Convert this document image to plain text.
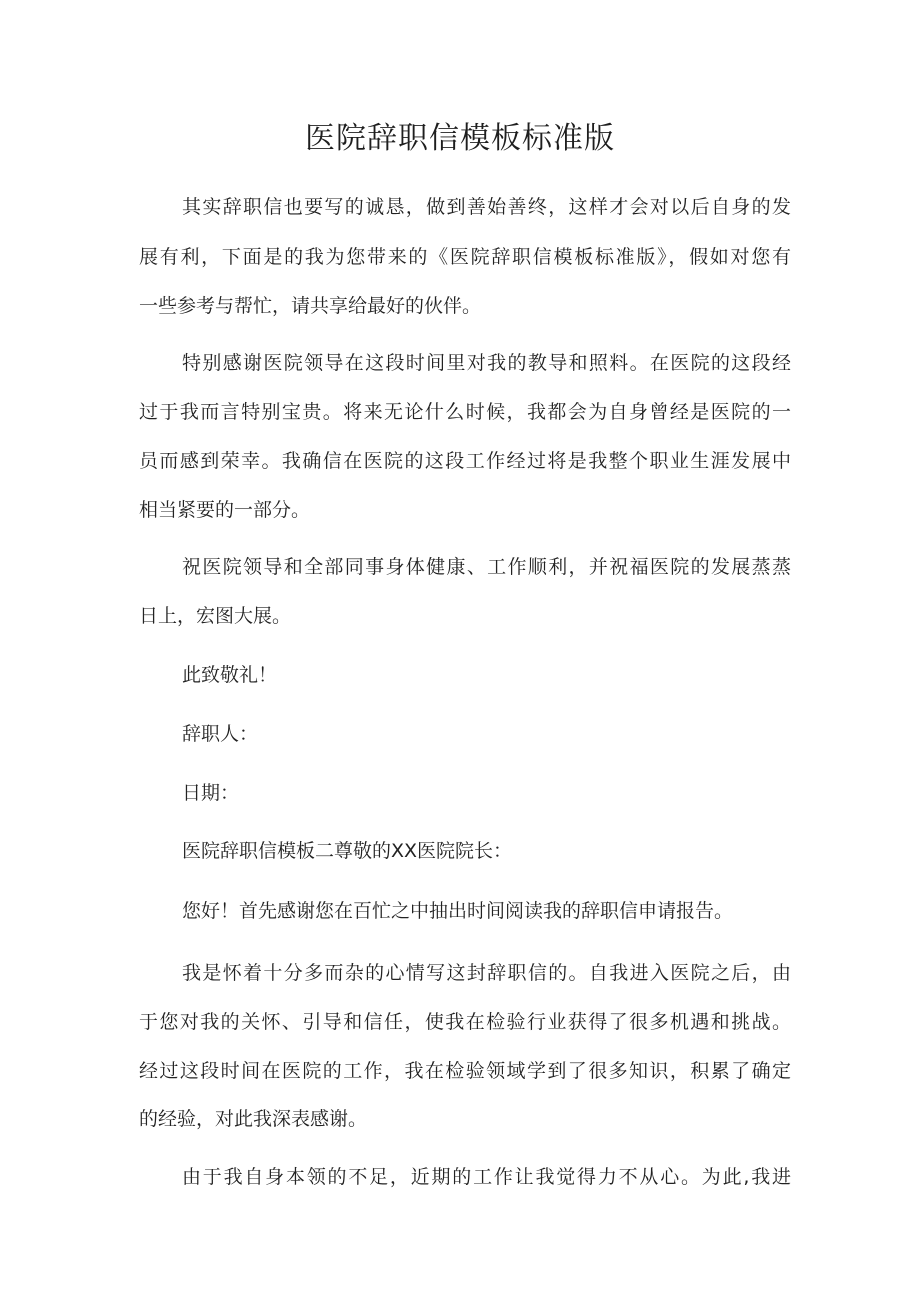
医院辞职信模板标准版
其实辞职信也要写的诚恳，做到善始善终，这样才会对以后自身的发
展有利，下面是的我为您带来的《医院辞职信模板标准版》，假如对您有
一些参考与帮忙，请共享给最好的伙伴。
特别感谢医院领导在这段时间里对我的教导和照料。在医院的这段经
过于我而言特别宝贵。将来无论什么时候，我都会为自身曾经是医院的一
员而感到荣幸。我确信在医院的这段工作经过将是我整个职业生涯发展中
相当紧要的一部分。
祝医院领导和全部同事身体健康、工作顺利，并祝福医院的发展蒸蒸
日上，宏图大展。
此致敬礼！
辞职人：
日期：
医院辞职信模板二尊敬的XX医院院长：
您好！首先感谢您在百忙之中抽出时间阅读我的辞职信申请报告。
我是怀着十分多而杂的心情写这封辞职信的。自我进入医院之后，由
于您对我的关怀、引导和信任，使我在检验行业获得了很多机遇和挑战。
经过这段时间在医院的工作，我在检验领域学到了很多知识，积累了确定
的经验，对此我深表感谢。
由于我自身本领的不足，近期的工作让我觉得力不从心。为此,我进
